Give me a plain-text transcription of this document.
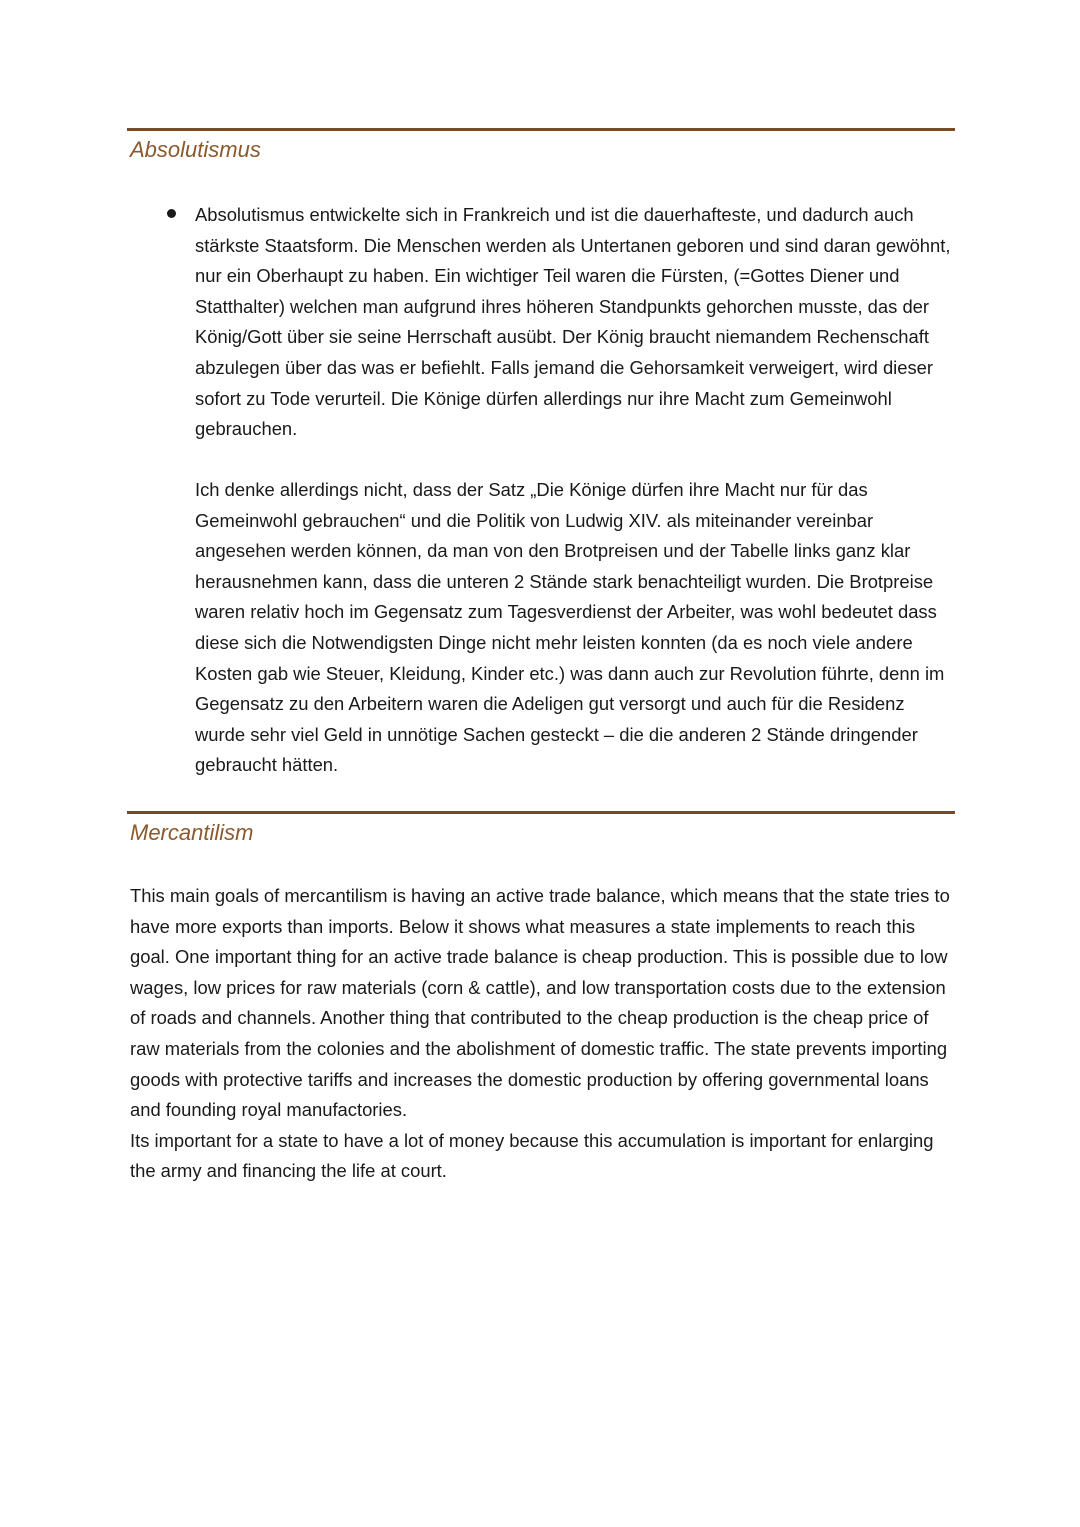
Absolutismus

Absolutismus entwickelte sich in Frankreich und ist die dauerhafteste, und dadurch auch stärkste Staatsform. Die Menschen werden als Untertanen geboren und sind daran gewöhnt, nur ein Oberhaupt zu haben. Ein wichtiger Teil waren die Fürsten, (=Gottes Diener und Statthalter) welchen man aufgrund ihres höheren Standpunkts gehorchen musste, das der König/Gott über sie seine Herrschaft ausübt. Der König braucht niemandem Rechenschaft abzulegen über das was er befiehlt. Falls jemand die Gehorsamkeit verweigert, wird dieser sofort zu Tode verurteil. Die Könige dürfen allerdings nur ihre Macht zum Gemeinwohl gebrauchen.

Ich denke allerdings nicht, dass der Satz „Die Könige dürfen ihre Macht nur für das Gemeinwohl gebrauchen“ und die Politik von Ludwig XIV. als miteinander vereinbar angesehen werden können, da man von den Brotpreisen und der Tabelle links ganz klar herausnehmen kann, dass die unteren 2 Stände stark benachteiligt wurden. Die Brotpreise waren relativ hoch im Gegensatz zum Tagesverdienst der Arbeiter, was wohl bedeutet dass diese sich die Notwendigsten Dinge nicht mehr leisten konnten (da es noch viele andere Kosten gab wie Steuer, Kleidung, Kinder etc.) was dann auch zur Revolution führte, denn im Gegensatz zu den Arbeitern waren die Adeligen gut versorgt und auch für die Residenz wurde sehr viel Geld in unnötige Sachen gesteckt – die die anderen 2 Stände dringender gebraucht hätten.

Mercantilism

This main goals of mercantilism is having an active trade balance, which means that the state tries to have more exports than imports. Below it shows what measures a state implements to reach this goal. One important thing for an active trade balance is cheap production. This is possible due to low wages, low prices for raw materials (corn & cattle), and low transportation costs due to the extension of roads and channels. Another thing that contributed to the cheap production is the cheap price of raw materials from the colonies and the abolishment of domestic traffic. The state prevents importing goods with protective tariffs and increases the domestic production by offering governmental loans and founding royal manufactories.

Its important for a state to have a lot of money because this accumulation is important for enlarging the army and financing the life at court.
